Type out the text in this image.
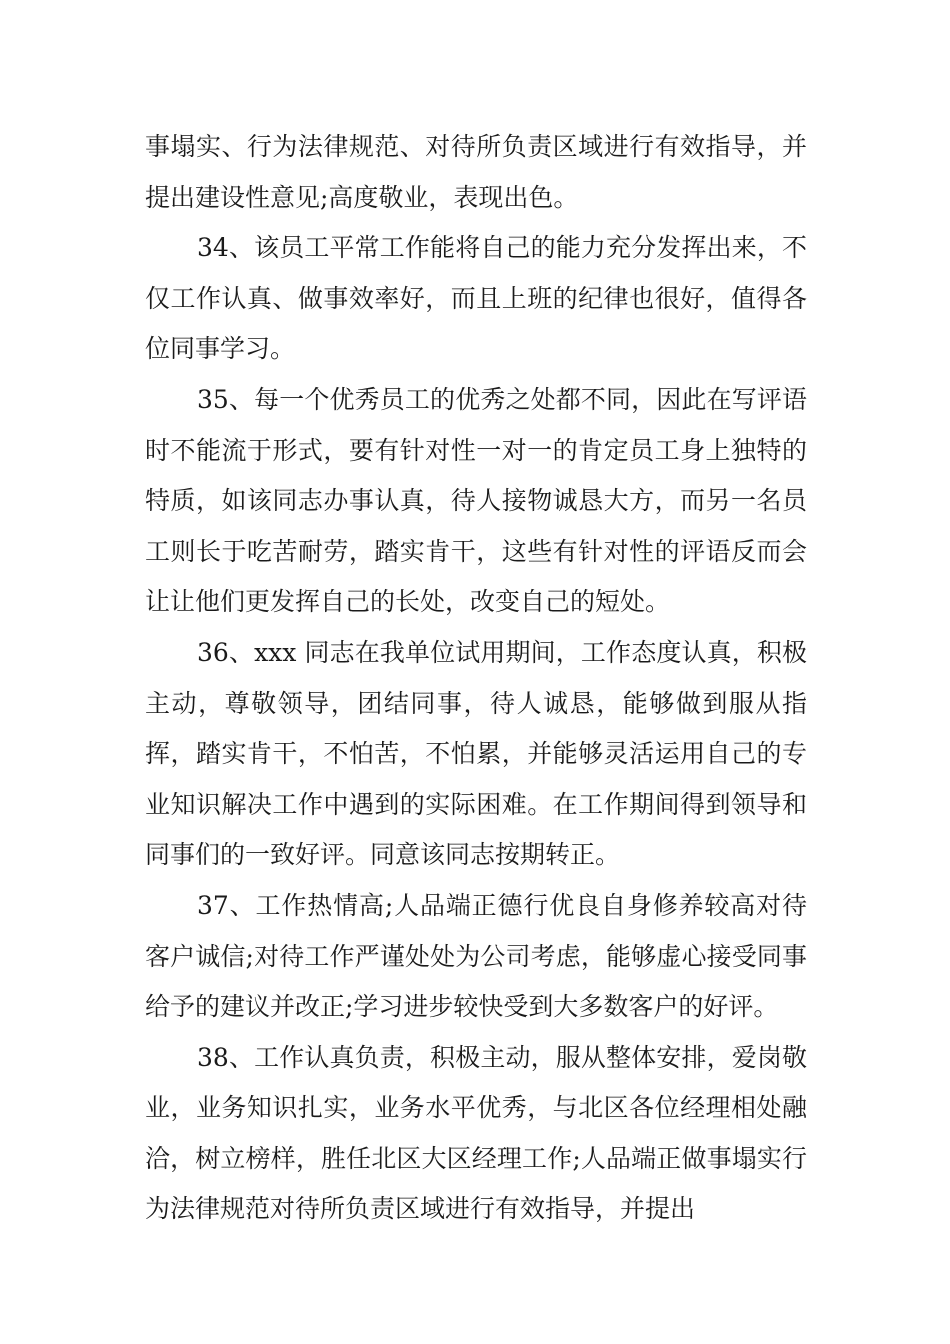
事塌实、行为法律规范、对待所负责区域进行有效指导，并提出建设性意见;高度敬业，表现出色。

34、该员工平常工作能将自己的能力充分发挥出来，不仅工作认真、做事效率好，而且上班的纪律也很好，值得各位同事学习。

35、每一个优秀员工的优秀之处都不同，因此在写评语时不能流于形式，要有针对性一对一的肯定员工身上独特的特质，如该同志办事认真，待人接物诚恳大方，而另一名员工则长于吃苦耐劳，踏实肯干，这些有针对性的评语反而会让让他们更发挥自己的长处，改变自己的短处。

36、xxx 同志在我单位试用期间，工作态度认真，积极主动，尊敬领导，团结同事，待人诚恳，能够做到服从指挥，踏实肯干，不怕苦，不怕累，并能够灵活运用自己的专业知识解决工作中遇到的实际困难。在工作期间得到领导和同事们的一致好评。同意该同志按期转正。

37、工作热情高;人品端正德行优良自身修养较高对待客户诚信;对待工作严谨处处为公司考虑，能够虚心接受同事给予的建议并改正;学习进步较快受到大多数客户的好评。

38、工作认真负责，积极主动，服从整体安排，爱岗敬业，业务知识扎实，业务水平优秀，与北区各位经理相处融洽，树立榜样，胜任北区大区经理工作;人品端正做事塌实行为法律规范对待所负责区域进行有效指导，并提出
